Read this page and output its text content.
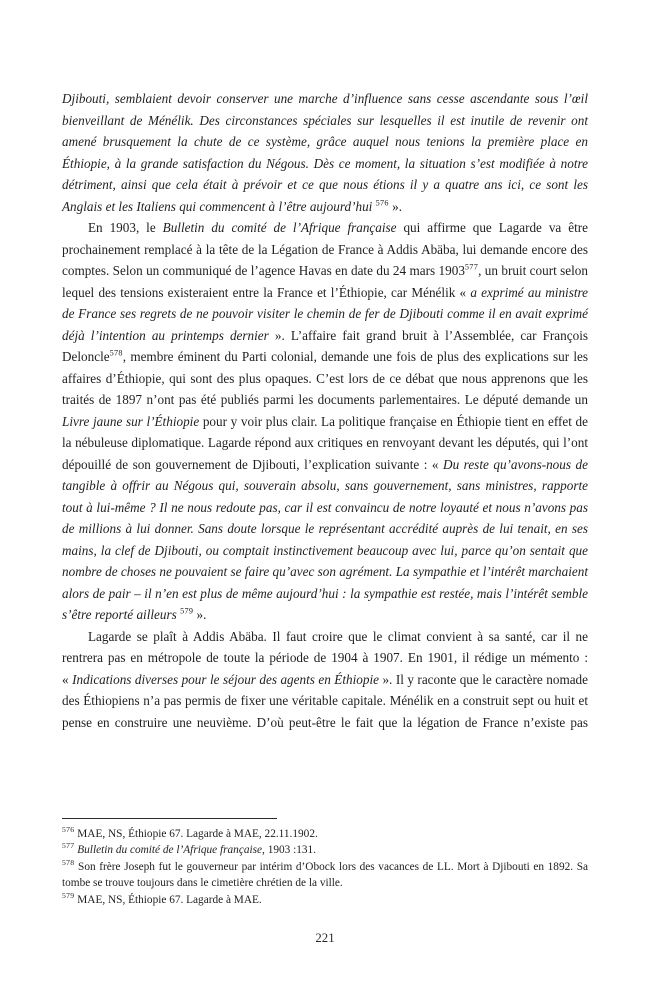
Djibouti, semblaient devoir conserver une marche d’influence sans cesse ascendante sous l’œil bienveillant de Ménélik. Des circonstances spéciales sur lesquelles il est inutile de revenir ont amené brusquement la chute de ce système, grâce auquel nous tenions la première place en Éthiopie, à la grande satisfaction du Négous. Dès ce moment, la situation s’est modifiée à notre détriment, ainsi que cela était à prévoir et ce que nous étions il y a quatre ans ici, ce sont les Anglais et les Italiens qui commencent à l’être aujourd’hui $^{576}$ ».

En 1903, le Bulletin du comité de l’Afrique française qui affirme que Lagarde va être prochainement remplacé à la tête de la Légation de France à Addis Abäba, lui demande encore des comptes. Selon un communiqué de l’agence Havas en date du 24 mars 1903$^{577}$, un bruit court selon lequel des tensions existeraient entre la France et l’Éthiopie, car Ménélik « a exprimé au ministre de France ses regrets de ne pouvoir visiter le chemin de fer de Djibouti comme il en avait exprimé déjà l’intention au printemps dernier ». L’affaire fait grand bruit à l’Assemblée, car François Deloncle$^{578}$, membre éminent du Parti colonial, demande une fois de plus des explications sur les affaires d’Éthiopie, qui sont des plus opaques. C’est lors de ce débat que nous apprenons que les traités de 1897 n’ont pas été publiés parmi les documents parlementaires. Le député demande un Livre jaune sur l’Éthiopie pour y voir plus clair. La politique française en Éthiopie tient en effet de la nébuleuse diplomatique. Lagarde répond aux critiques en renvoyant devant les députés, qui l’ont dépouillé de son gouvernement de Djibouti, l’explication suivante : « Du reste qu’avons-nous de tangible à offrir au Négous qui, souverain absolu, sans gouvernement, sans ministres, rapporte tout à lui-même ? Il ne nous redoute pas, car il est convaincu de notre loyauté et nous n’avons pas de millions à lui donner. Sans doute lorsque le représentant accrédité auprès de lui tenait, en ses mains, la clef de Djibouti, ou comptait instinctivement beaucoup avec lui, parce qu’on sentait que nombre de choses ne pouvaient se faire qu’avec son agrément. La sympathie et l’intérêt marchaient alors de pair – il n’en est plus de même aujourd’hui : la sympathie est restée, mais l’intérêt semble s’être reporté ailleurs $^{579}$ ».

Lagarde se plaît à Addis Abäba. Il faut croire que le climat convient à sa santé, car il ne rentrera pas en métropole de toute la période de 1904 à 1907. En 1901, il rédige un mémento : « Indications diverses pour le séjour des agents en Éthiopie ». Il y raconte que le caractère nomade des Éthiopiens n’a pas permis de fixer une véritable capitale. Ménélik en a construit sept ou huit et pense en construire une neuvième. D’où peut-être le fait que la légation de France n’existe pas

$^{576}$ MAE, NS, Éthiopie 67. Lagarde à MAE, 22.11.1902.

$^{577}$ Bulletin du comité de l’Afrique française, 1903 :131.

$^{578}$ Son frère Joseph fut le gouverneur par intérim d’Obock lors des vacances de LL. Mort à Djibouti en 1892. Sa tombe se trouve toujours dans le cimetière chrétien de la ville.

$^{579}$ MAE, NS, Éthiopie 67. Lagarde à MAE.

221
